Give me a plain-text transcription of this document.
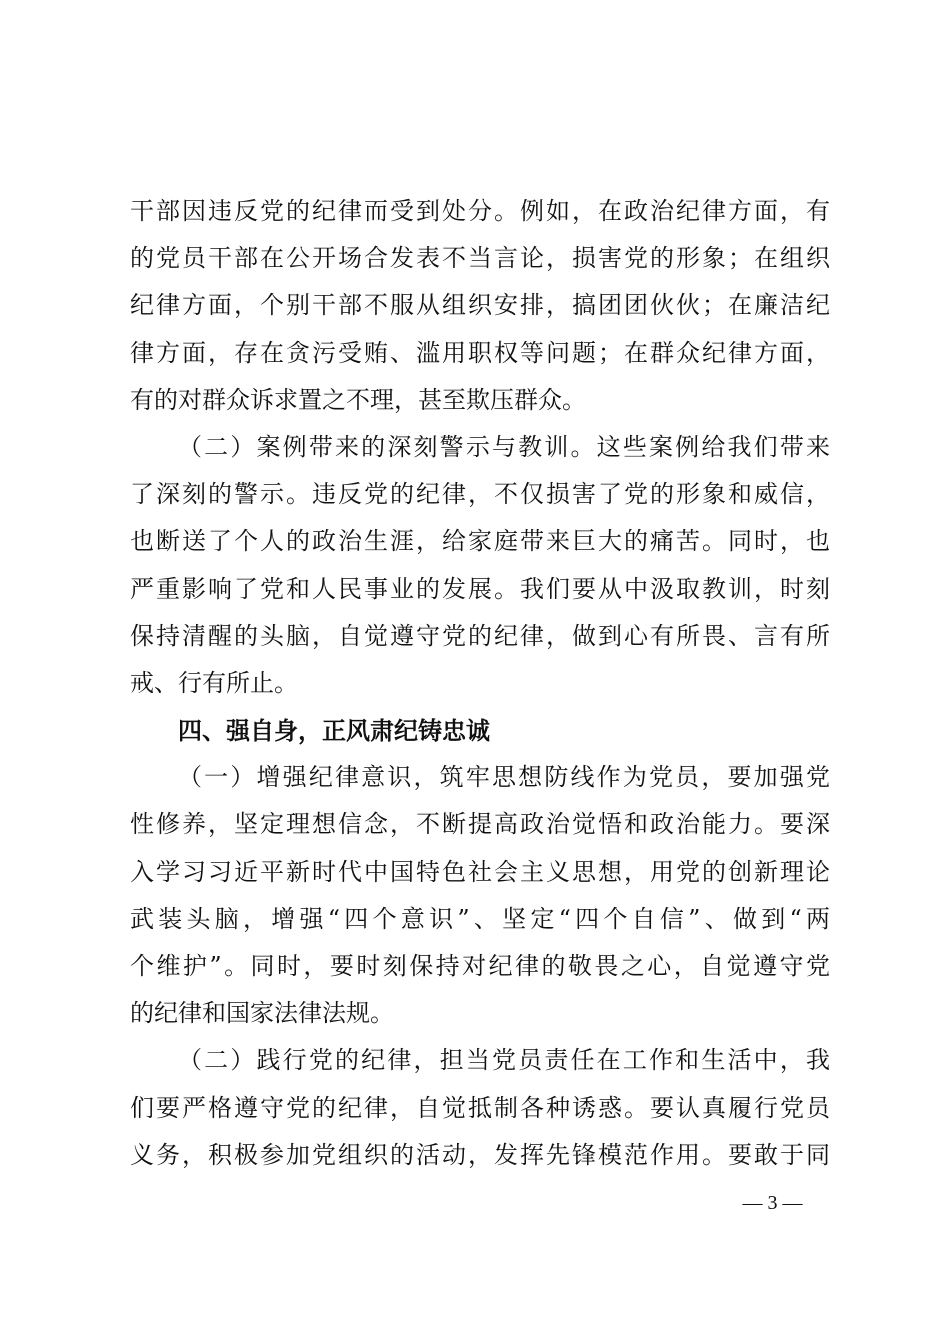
干部因违反党的纪律而受到处分。例如，在政治纪律方面，有
的党员干部在公开场合发表不当言论，损害党的形象；在组织
纪律方面，个别干部不服从组织安排，搞团团伙伙；在廉洁纪
律方面，存在贪污受贿、滥用职权等问题；在群众纪律方面，
有的对群众诉求置之不理，甚至欺压群众。
（二）案例带来的深刻警示与教训。这些案例给我们带来
了深刻的警示。违反党的纪律，不仅损害了党的形象和威信，
也断送了个人的政治生涯，给家庭带来巨大的痛苦。同时，也
严重影响了党和人民事业的发展。我们要从中汲取教训，时刻
保持清醒的头脑，自觉遵守党的纪律，做到心有所畏、言有所
戒、行有所止。
四、强自身，正风肃纪铸忠诚
（一）增强纪律意识，筑牢思想防线作为党员，要加强党
性修养，坚定理想信念，不断提高政治觉悟和政治能力。要深
入学习习近平新时代中国特色社会主义思想，用党的创新理论
武装头脑，增强“四个意识”、坚定“四个自信”、做到“两
个维护”。同时，要时刻保持对纪律的敬畏之心，自觉遵守党
的纪律和国家法律法规。
（二）践行党的纪律，担当党员责任在工作和生活中，我
们要严格遵守党的纪律，自觉抵制各种诱惑。要认真履行党员
义务，积极参加党组织的活动，发挥先锋模范作用。要敢于同
— 3 —
